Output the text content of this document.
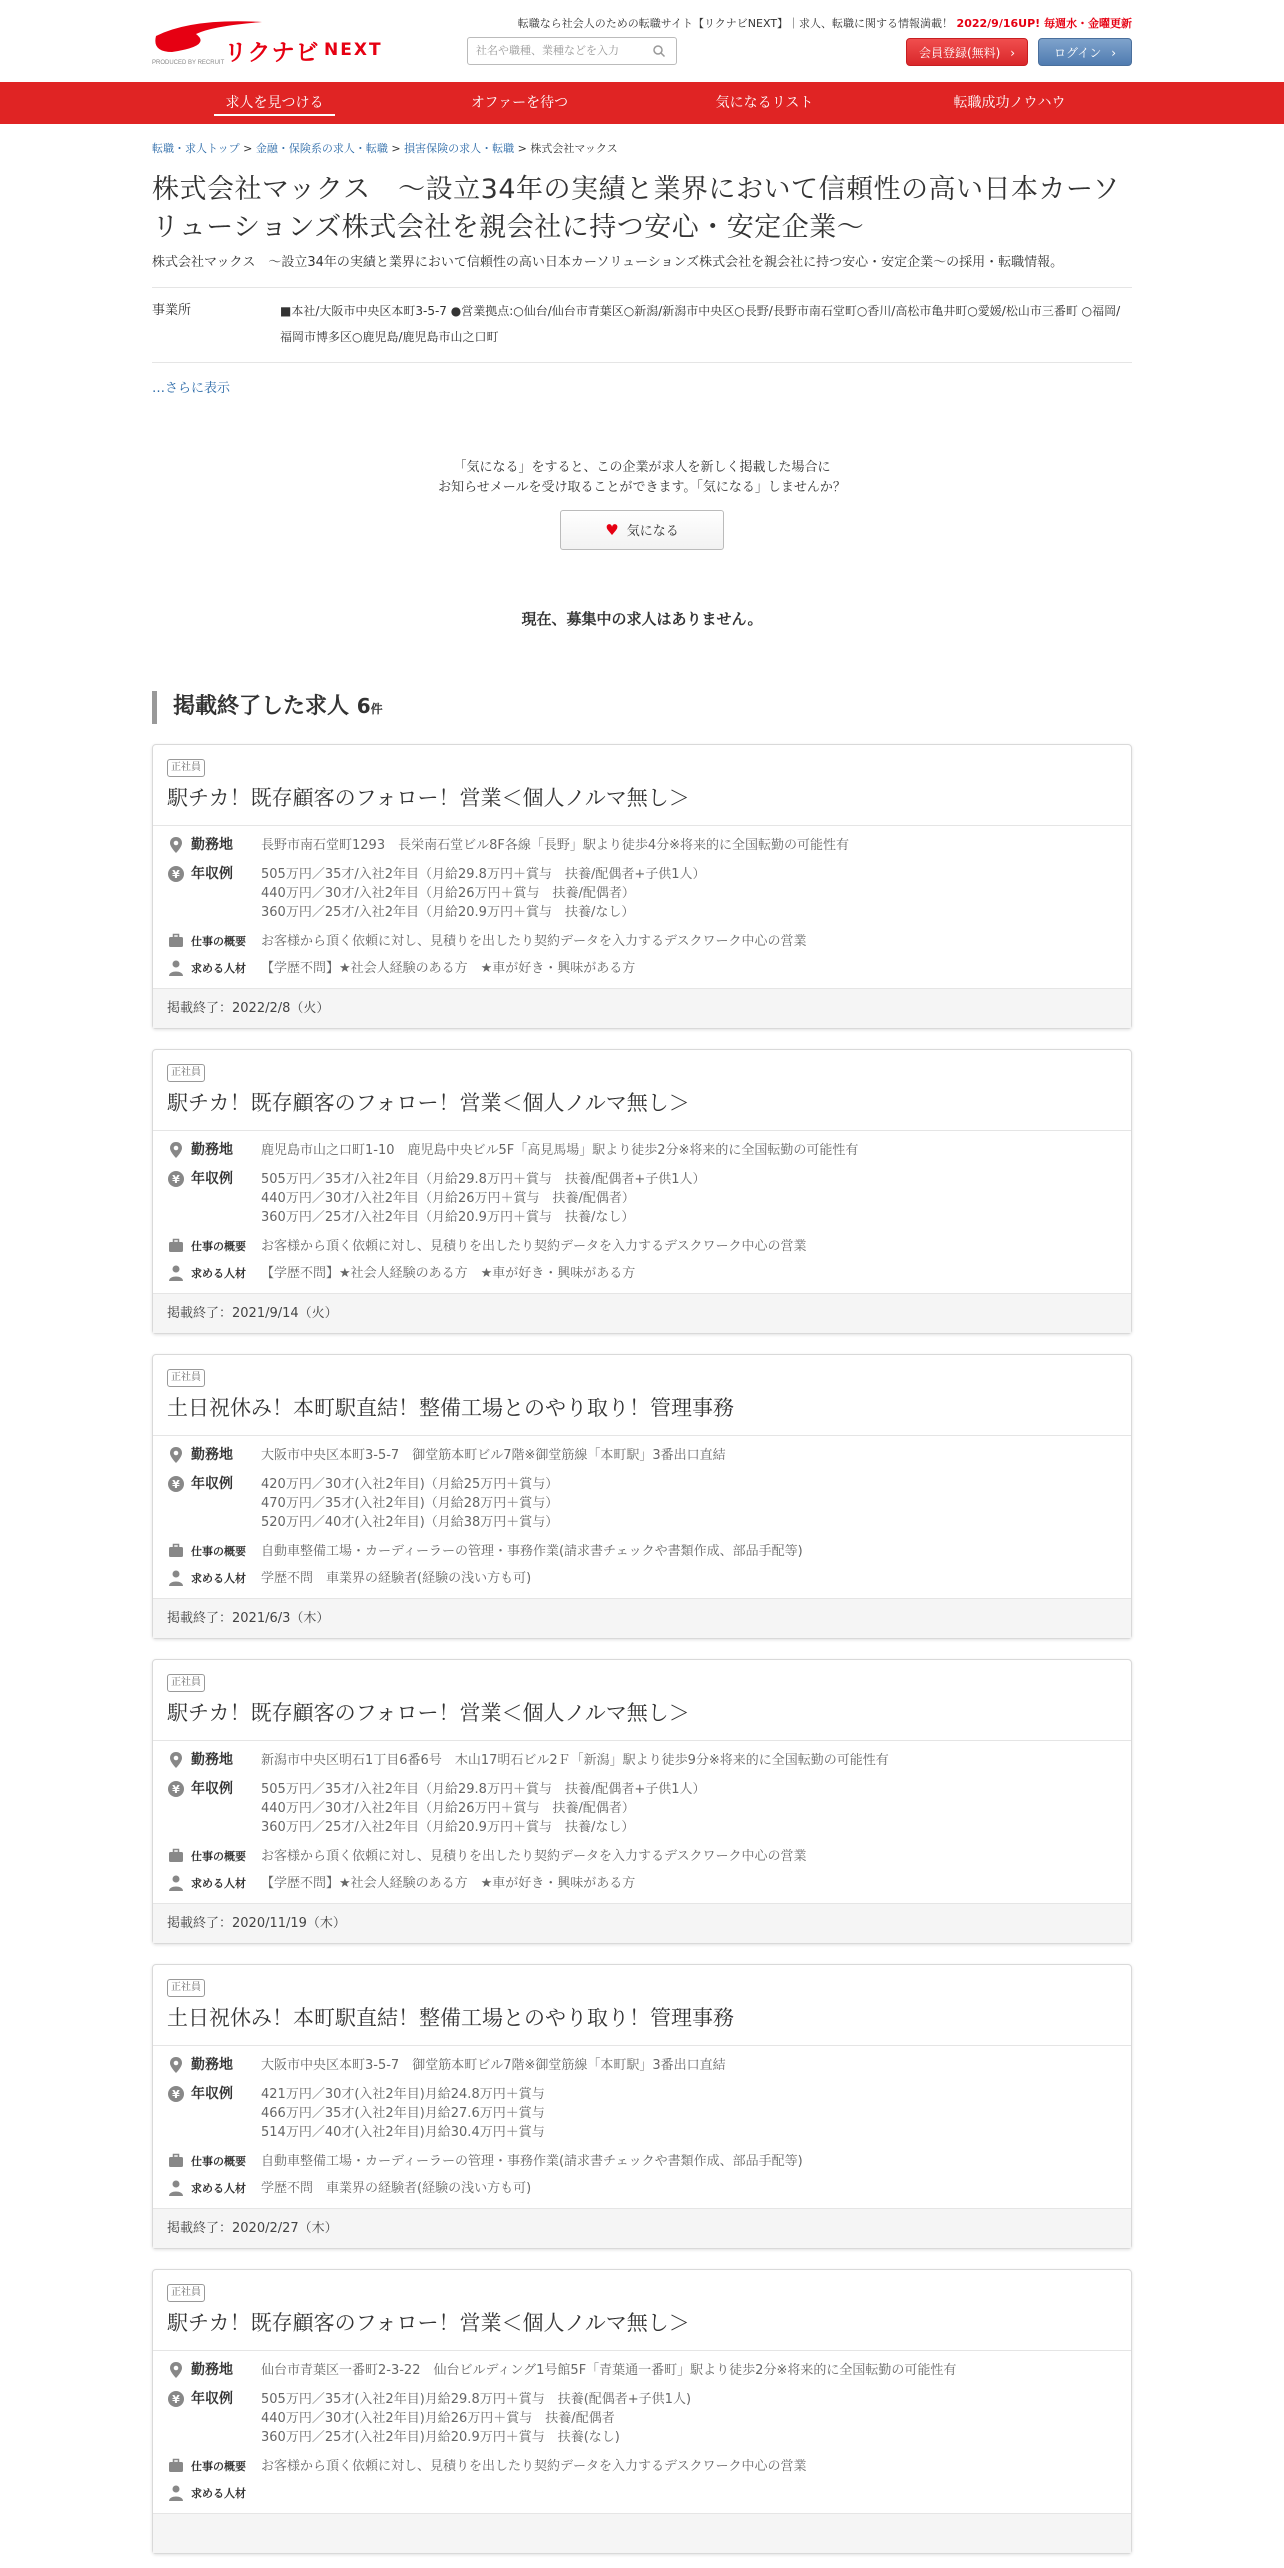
リクナビ NEXT
PRODUCED BY RECRUIT
転職なら社会人のための転職サイト【リクナビNEXT】｜求人、転職に関する情報満載！ 2022/9/16UP! 毎週水・金曜更新
社名や職種、業種などを入力	会員登録(無料) ›	ログイン ›
求人を見つける	オファーを待つ	気になるリスト	転職成功ノウハウ
転職・求人トップ > 金融・保険系の求人・転職 > 損害保険の求人・転職 > 株式会社マックス
株式会社マックス　～設立34年の実績と業界において信頼性の高い日本カーソリューションズ株式会社を親会社に持つ安心・安定企業～

株式会社マックス　～設立34年の実績と業界において信頼性の高い日本カーソリューションズ株式会社を親会社に持つ安心・安定企業～の採用・転職情報。

事業所	■本社/大阪市中央区本町3-5-7 ●営業拠点:○仙台/仙台市青葉区○新潟/新潟市中央区○長野/長野市南石堂町○香川/高松市亀井町○愛媛/松山市三番町 ○福岡/福岡市博多区○鹿児島/鹿児島市山之口町
…さらに表示
「気になる」をすると、この企業が求人を新しく掲載した場合に
お知らせメールを受け取ることができます。「気になる」しませんか？
♥ 気になる
現在、募集中の求人はありません。
掲載終了した求人 6件
正社員
駅チカ！既存顧客のフォロー！営業＜個人ノルマ無し＞
勤務地 長野市南石堂町1293　長栄南石堂ビル8F各線「長野」駅より徒歩4分※将来的に全国転勤の可能性有
¥ 年収例 505万円／35才/入社2年目（月給29.8万円＋賞与　扶養/配偶者+子供1人）
440万円／30才/入社2年目（月給26万円＋賞与　扶養/配偶者）
360万円／25才/入社2年目（月給20.9万円＋賞与　扶養/なし）
仕事の概要 お客様から頂く依頼に対し、見積りを出したり契約データを入力するデスクワーク中心の営業
求める人材 【学歴不問】★社会人経験のある方　★車が好き・興味がある方
掲載終了：2022/2/8（火）
正社員
駅チカ！既存顧客のフォロー！営業＜個人ノルマ無し＞
勤務地 鹿児島市山之口町1-10　鹿児島中央ビル5F「高見馬場」駅より徒歩2分※将来的に全国転勤の可能性有
¥ 年収例 505万円／35才/入社2年目（月給29.8万円＋賞与　扶養/配偶者+子供1人）
440万円／30才/入社2年目（月給26万円＋賞与　扶養/配偶者）
360万円／25才/入社2年目（月給20.9万円＋賞与　扶養/なし）
仕事の概要 お客様から頂く依頼に対し、見積りを出したり契約データを入力するデスクワーク中心の営業
求める人材 【学歴不問】★社会人経験のある方　★車が好き・興味がある方
掲載終了：2021/9/14（火）
正社員
土日祝休み！本町駅直結！整備工場とのやり取り！管理事務
勤務地 大阪市中央区本町3-5-7　御堂筋本町ビル7階※御堂筋線「本町駅」3番出口直結
¥ 年収例 420万円／30才(入社2年目)（月給25万円＋賞与）
470万円／35才(入社2年目)（月給28万円＋賞与）
520万円／40才(入社2年目)（月給38万円＋賞与）
仕事の概要 自動車整備工場・カーディーラーの管理・事務作業(請求書チェックや書類作成、部品手配等)
求める人材 学歴不問　車業界の経験者(経験の浅い方も可)
掲載終了：2021/6/3（木）
正社員
駅チカ！既存顧客のフォロー！営業＜個人ノルマ無し＞
勤務地 新潟市中央区明石1丁目6番6号　木山17明石ビル2Ｆ「新潟」駅より徒歩9分※将来的に全国転勤の可能性有
¥ 年収例 505万円／35才/入社2年目（月給29.8万円＋賞与　扶養/配偶者+子供1人）
440万円／30才/入社2年目（月給26万円＋賞与　扶養/配偶者）
360万円／25才/入社2年目（月給20.9万円＋賞与　扶養/なし）
仕事の概要 お客様から頂く依頼に対し、見積りを出したり契約データを入力するデスクワーク中心の営業
求める人材 【学歴不問】★社会人経験のある方　★車が好き・興味がある方
掲載終了：2020/11/19（木）
正社員
土日祝休み！本町駅直結！整備工場とのやり取り！管理事務
勤務地 大阪市中央区本町3-5-7　御堂筋本町ビル7階※御堂筋線「本町駅」3番出口直結
¥ 年収例 421万円／30才(入社2年目)月給24.8万円＋賞与
466万円／35才(入社2年目)月給27.6万円＋賞与
514万円／40才(入社2年目)月給30.4万円＋賞与
仕事の概要 自動車整備工場・カーディーラーの管理・事務作業(請求書チェックや書類作成、部品手配等)
求める人材 学歴不問　車業界の経験者(経験の浅い方も可)
掲載終了：2020/2/27（木）
正社員
駅チカ！既存顧客のフォロー！営業＜個人ノルマ無し＞
勤務地 仙台市青葉区一番町2-3-22　仙台ビルディング1号館5F「青葉通一番町」駅より徒歩2分※将来的に全国転勤の可能性有
¥ 年収例 505万円／35才(入社2年目)月給29.8万円＋賞与　扶養(配偶者+子供1人)
440万円／30才(入社2年目)月給26万円＋賞与　扶養/配偶者
360万円／25才(入社2年目)月給20.9万円＋賞与　扶養(なし)
仕事の概要 お客様から頂く依頼に対し、見積りを出したり契約データを入力するデスクワーク中心の営業
求める人材
